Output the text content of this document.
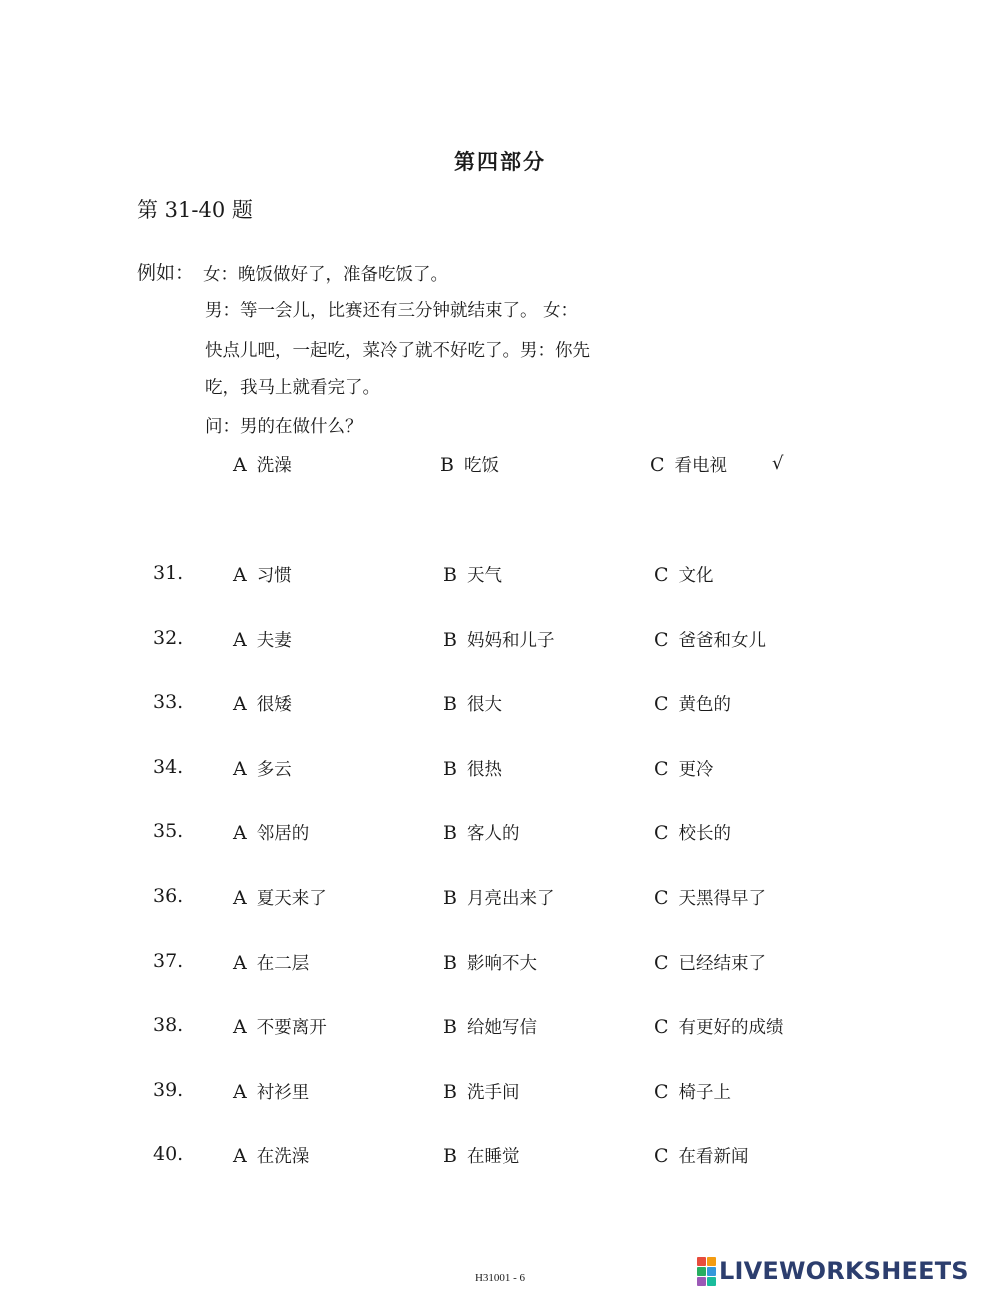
第四部分
第 31-40 题
例如： 女：晚饭做好了，准备吃饭了。
男：等一会儿，比赛还有三分钟就结束了。 女：
快点儿吧，一起吃，菜冷了就不好吃了。男：你先
吃，我马上就看完了。
问：男的在做什么？
A 洗澡	B 吃饭	C 看电视 √
31.	A 习惯	B 天气	C 文化
32.	A 夫妻	B 妈妈和儿子	C 爸爸和女儿
33.	A 很矮	B 很大	C 黄色的
34.	A 多云	B 很热	C 更冷
35.	A 邻居的	B 客人的	C 校长的
36.	A 夏天来了	B 月亮出来了	C 天黑得早了
37.	A 在二层	B 影响不大	C 已经结束了
38.	A 不要离开	B 给她写信	C 有更好的成绩
39.	A 衬衫里	B 洗手间	C 椅子上
40.	A 在洗澡	B 在睡觉	C 在看新闻
H31001 - 6	LIVEWORKSHEETS
